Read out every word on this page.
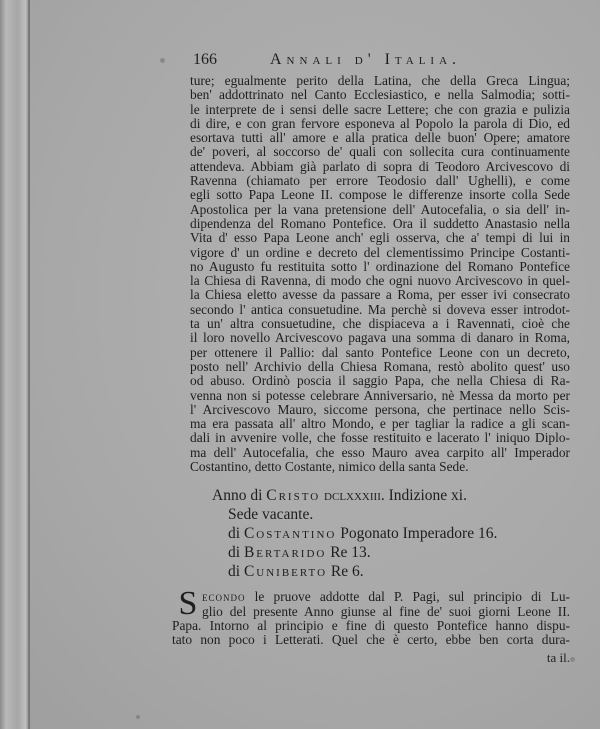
166	Annali d' Italia.
ture; egualmente perito della Latina, che della Greca Lingua;
ben' addottrinato nel Canto Ecclesiastico, e nella Salmodia; sotti-
le interprete de i sensi delle sacre Lettere; che con grazia e pulizia
di dire, e con gran fervore esponeva al Popolo la parola di Dio, ed
esortava tutti all' amore e alla pratica delle buon' Opere; amatore
de' poveri, al soccorso de' quali con sollecita cura continuamente
attendeva. Abbiam già parlato di sopra di Teodoro Arcivescovo di
Ravenna (chiamato per errore Teodosio dall' Ughelli), e come
egli sotto Papa Leone II. compose le differenze insorte colla Sede
Apostolica per la vana pretensione dell' Autocefalia, o sia dell' in-
dipendenza del Romano Pontefice. Ora il suddetto Anastasio nella
Vita d' esso Papa Leone anch' egli osserva, che a' tempi di lui in
vigore d' un ordine e decreto del clementissimo Principe Costanti-
no Augusto fu restituita sotto l' ordinazione del Romano Pontefice
la Chiesa di Ravenna, di modo che ogni nuovo Arcivescovo in quel-
la Chiesa eletto avesse da passare a Roma, per esser ivi consecrato
secondo l' antica consuetudine. Ma perchè si doveva esser introdot-
ta un' altra consuetudine, che dispiaceva a i Ravennati, cioè che
il loro novello Arcivescovo pagava una somma di danaro in Roma,
per ottenere il Pallio: dal santo Pontefice Leone con un decreto,
posto nell' Archivio della Chiesa Romana, restò abolito quest' uso
od abuso. Ordinò poscia il saggio Papa, che nella Chiesa di Ra-
venna non si potesse celebrare Anniversario, nè Messa da morto per
l' Arcivescovo Mauro, siccome persona, che pertinace nello Scis-
ma era passata all' altro Mondo, e per tagliar la radice a gli scan-
dali in avvenire volle, che fosse restituito e lacerato l' iniquo Diplo-
ma dell' Autocefalia, che esso Mauro avea carpito all' Imperador
Costantino, detto Costante, nimico della santa Sede.
Anno di Cristo dclxxxiii. Indizione xi.
Sede vacante.
di Costantino Pogonato Imperadore 16.
di Bertarido Re 13.
di Cuniberto Re 6.
S econdo le pruove addotte dal P. Pagi, sul principio di Lu-
glio del presente Anno giunse al fine de' suoi giorni Leone II.
Papa. Intorno al principio e fine di questo Pontefice hanno dispu-
tato non poco i Letterati. Quel che è certo, ebbe ben corta dura-
ta il.
